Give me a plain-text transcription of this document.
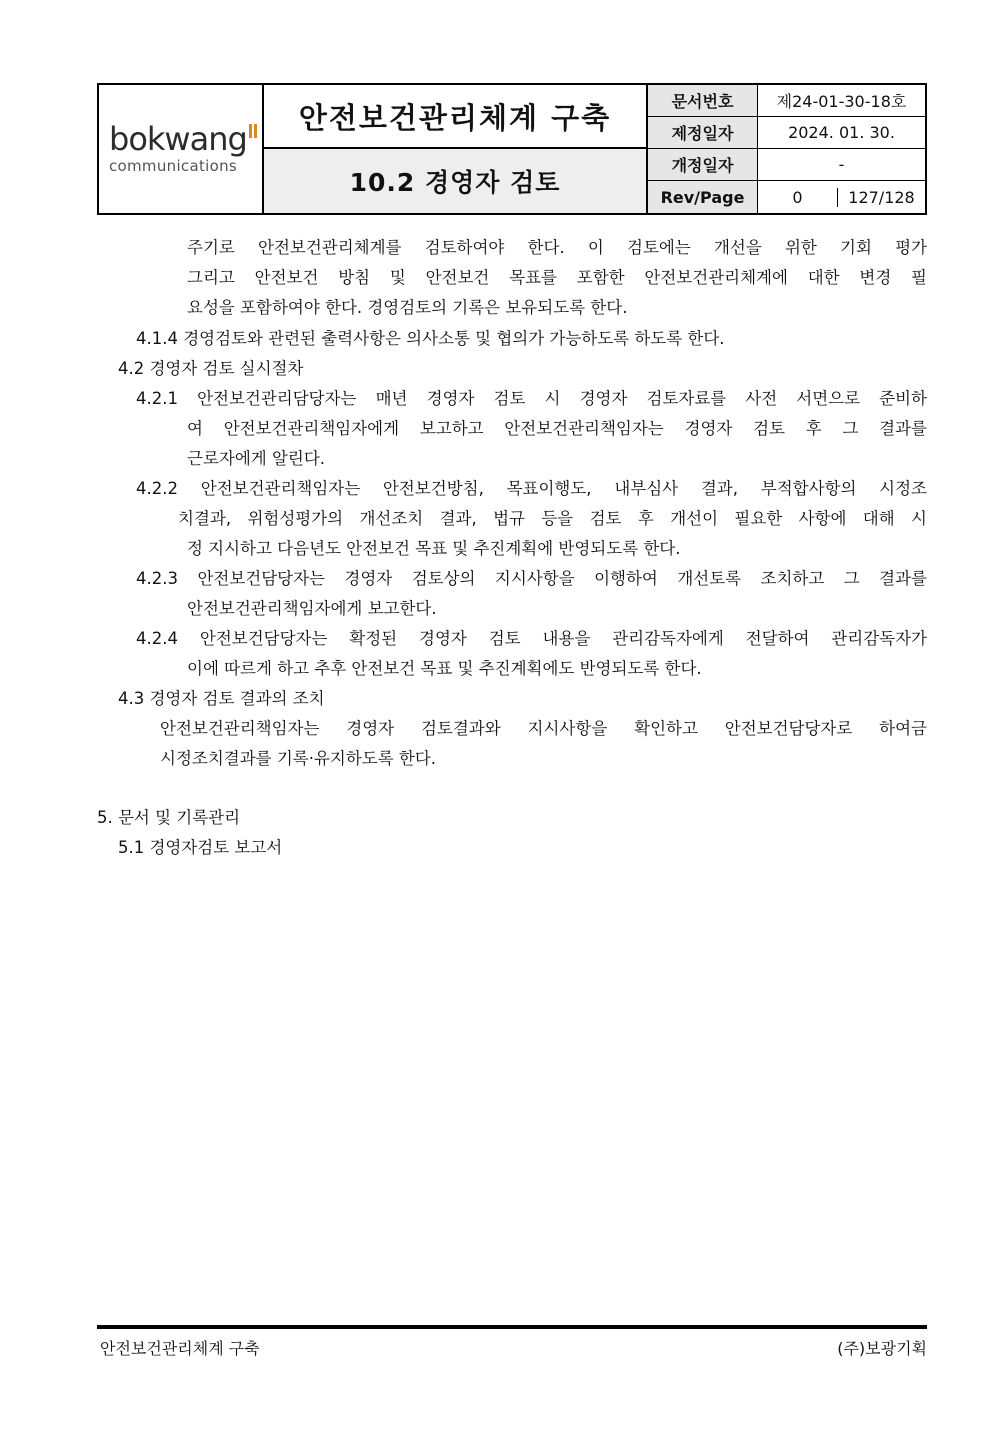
bokwang
communications
안전보건관리체계 구축
10.2 경영자 검토
문서번호	제24-01-30-18호
제정일자	2024. 01. 30.
개정일자	-
Rev/Page	0	127/128
주기로 안전보건관리체계를 검토하여야 한다. 이 검토에는 개선을 위한 기회 평가
그리고 안전보건 방침 및 안전보건 목표를 포함한 안전보건관리체계에 대한 변경 필
요성을 포함하여야 한다. 경영검토의 기록은 보유되도록 한다.
4.1.4 경영검토와 관련된 출력사항은 의사소통 및 협의가 가능하도록 하도록 한다.
4.2 경영자 검토 실시절차
4.2.1 안전보건관리담당자는 매년 경영자 검토 시 경영자 검토자료를 사전 서면으로 준비하
여 안전보건관리책임자에게 보고하고 안전보건관리책임자는 경영자 검토 후 그 결과를
근로자에게 알린다.
4.2.2 안전보건관리책임자는 안전보건방침, 목표이행도, 내부심사 결과, 부적합사항의 시정조
치결과, 위험성평가의 개선조치 결과, 법규 등을 검토 후 개선이 필요한 사항에 대해 시
정 지시하고 다음년도 안전보건 목표 및 추진계획에 반영되도록 한다.
4.2.3 안전보건담당자는 경영자 검토상의 지시사항을 이행하여 개선토록 조치하고 그 결과를
안전보건관리책임자에게 보고한다.
4.2.4 안전보건담당자는 확정된 경영자 검토 내용을 관리감독자에게 전달하여 관리감독자가
이에 따르게 하고 추후 안전보건 목표 및 추진계획에도 반영되도록 한다.
4.3 경영자 검토 결과의 조치
안전보건관리책임자는 경영자 검토결과와 지시사항을 확인하고 안전보건담당자로 하여금
시정조치결과를 기록·유지하도록 한다.
5. 문서 및 기록관리
5.1 경영자검토 보고서
안전보건관리체계 구축	(주)보광기획
